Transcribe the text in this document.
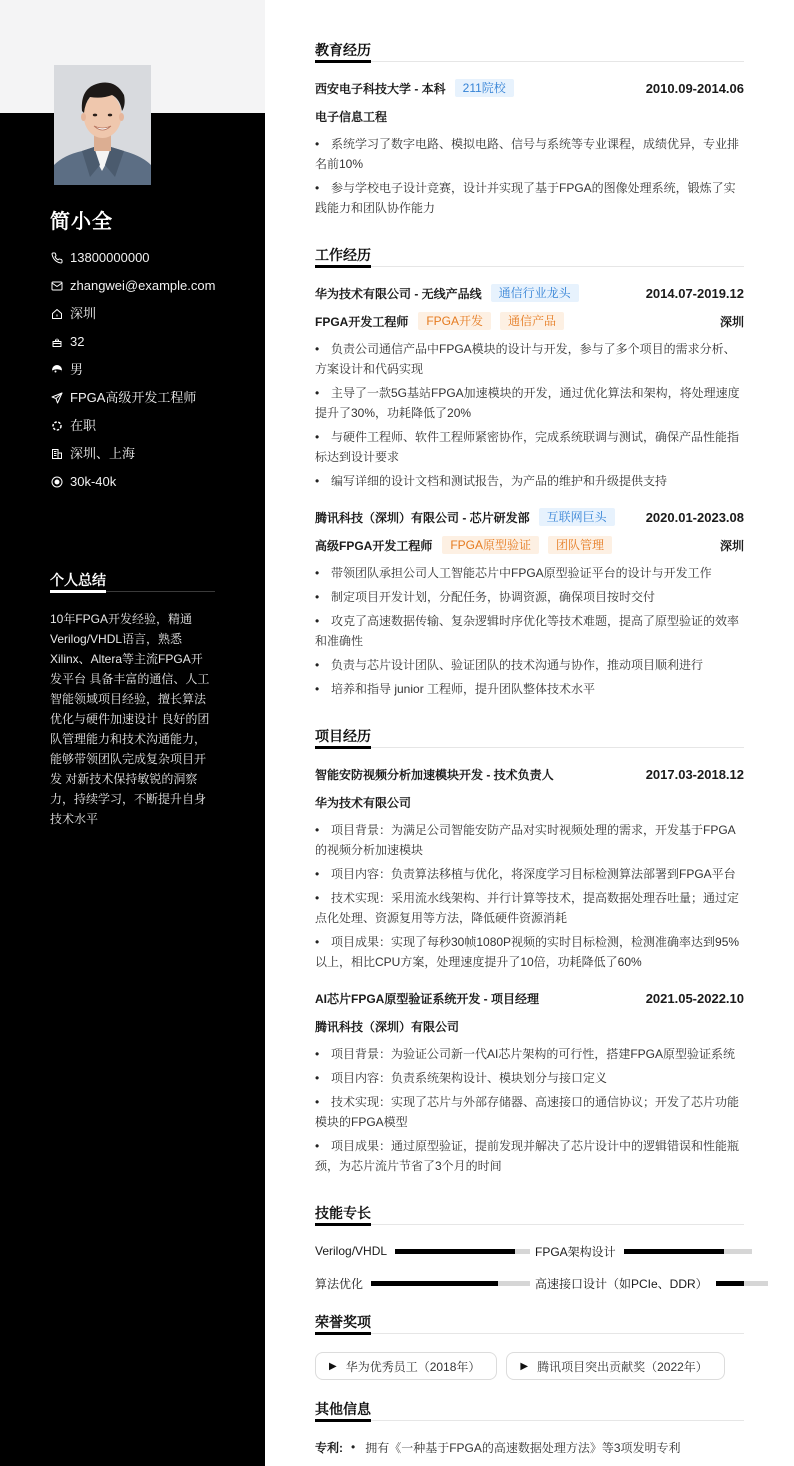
简小全
13800000000
zhangwei@example.com
深圳
32
男
FPGA高级开发工程师
在职
深圳、上海
30k-40k
个人总结

10年FPGA开发经验，精通Verilog/VHDL语言，熟悉Xilinx、Altera等主流FPGA开发平台 具备丰富的通信、人工智能领域项目经验，擅长算法优化与硬件加速设计 良好的团队管理能力和技术沟通能力，能够带领团队完成复杂项目开发 对新技术保持敏锐的洞察力，持续学习，不断提升自身技术水平

教育经历
西安电子科技大学 - 本科	211院校	2010.09-2014.06
电子信息工程
• 系统学习了数字电路、模拟电路、信号与系统等专业课程，成绩优异，专业排名前10%
• 参与学校电子设计竞赛，设计并实现了基于FPGA的图像处理系统，锻炼了实践能力和团队协作能力
工作经历
华为技术有限公司 - 无线产品线	通信行业龙头	2014.07-2019.12
FPGA开发工程师	FPGA开发	通信产品	深圳
• 负责公司通信产品中FPGA模块的设计与开发，参与了多个项目的需求分析、方案设计和代码实现
• 主导了一款5G基站FPGA加速模块的开发，通过优化算法和架构，将处理速度提升了30%，功耗降低了20%
• 与硬件工程师、软件工程师紧密协作，完成系统联调与测试，确保产品性能指标达到设计要求
• 编写详细的设计文档和测试报告，为产品的维护和升级提供支持
腾讯科技（深圳）有限公司 - 芯片研发部	互联网巨头	2020.01-2023.08
高级FPGA开发工程师	FPGA原型验证	团队管理	深圳
• 带领团队承担公司人工智能芯片中FPGA原型验证平台的设计与开发工作
• 制定项目开发计划，分配任务，协调资源，确保项目按时交付
• 攻克了高速数据传输、复杂逻辑时序优化等技术难题，提高了原型验证的效率和准确性
• 负责与芯片设计团队、验证团队的技术沟通与协作，推动项目顺利进行
• 培养和指导 junior 工程师，提升团队整体技术水平
项目经历
智能安防视频分析加速模块开发 - 技术负责人	2017.03-2018.12
华为技术有限公司
• 项目背景：为满足公司智能安防产品对实时视频处理的需求，开发基于FPGA的视频分析加速模块
• 项目内容：负责算法移植与优化，将深度学习目标检测算法部署到FPGA平台
• 技术实现：采用流水线架构、并行计算等技术，提高数据处理吞吐量；通过定点化处理、资源复用等方法，降低硬件资源消耗
• 项目成果：实现了每秒30帧1080P视频的实时目标检测，检测准确率达到95%以上，相比CPU方案，处理速度提升了10倍，功耗降低了60%
AI芯片FPGA原型验证系统开发 - 项目经理	2021.05-2022.10
腾讯科技（深圳）有限公司
• 项目背景：为验证公司新一代AI芯片架构的可行性，搭建FPGA原型验证系统
• 项目内容：负责系统架构设计、模块划分与接口定义
• 技术实现：实现了芯片与外部存储器、高速接口的通信协议；开发了芯片功能模块的FPGA模型
• 项目成果：通过原型验证，提前发现并解决了芯片设计中的逻辑错误和性能瓶颈，为芯片流片节省了3个月的时间
技能专长
Verilog/VHDL	FPGA架构设计
算法优化	高速接口设计（如PCIe、DDR）
荣誉奖项
▶ 华为优秀员工（2018年）	▶ 腾讯项目突出贡献奖（2022年）
其他信息
专利: • 拥有《一种基于FPGA的高速数据处理方法》等3项发明专利
